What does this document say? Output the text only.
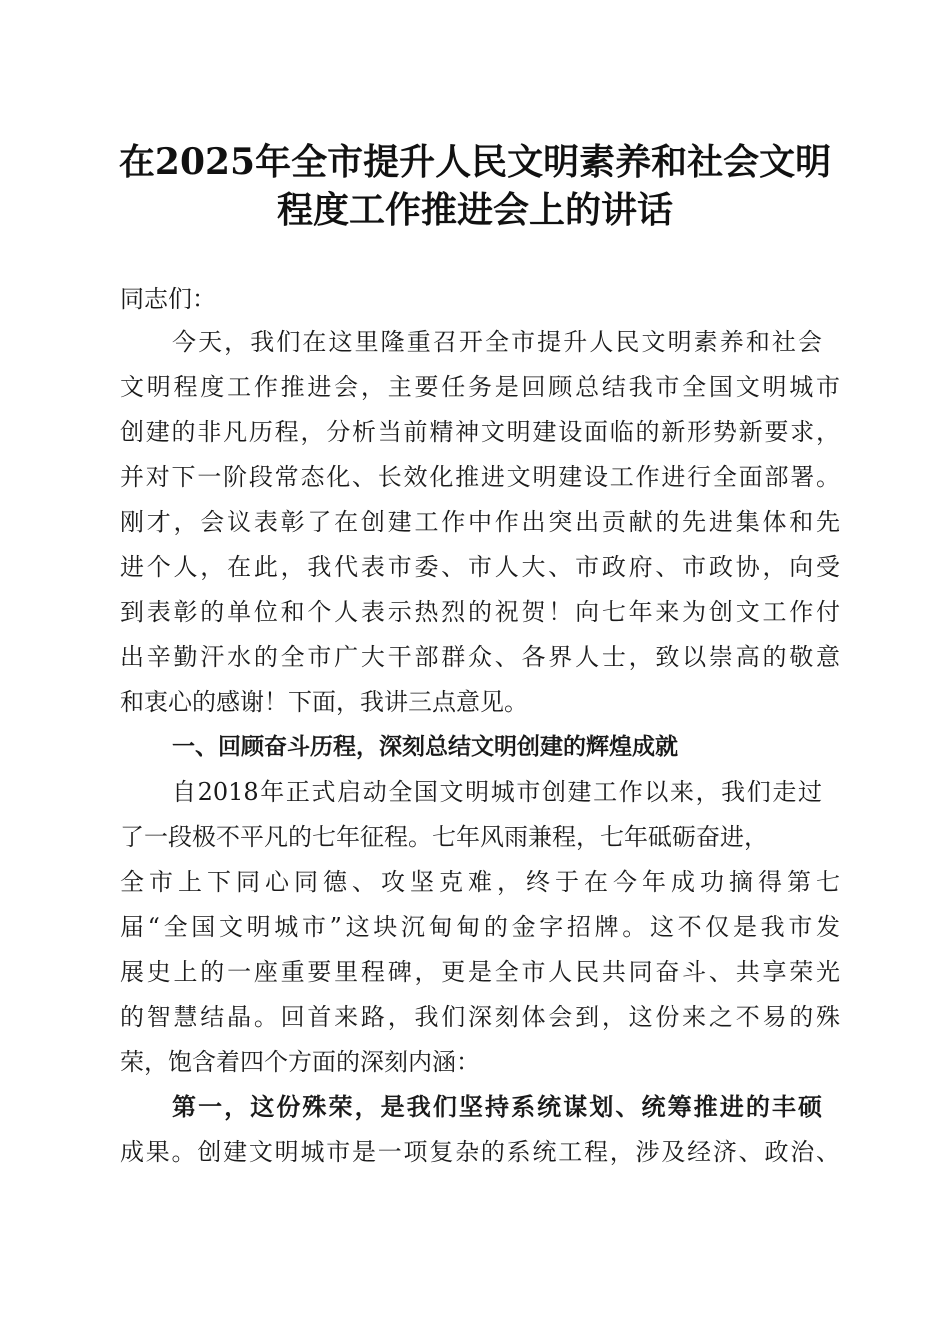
在2025年全市提升人民文明素养和社会文明
程度工作推进会上的讲话
同志们：
今天，我们在这里隆重召开全市提升人民文明素养和社会
文明程度工作推进会，主要任务是回顾总结我市全国文明城市
创建的非凡历程，分析当前精神文明建设面临的新形势新要求，
并对下一阶段常态化、长效化推进文明建设工作进行全面部署。
刚才，会议表彰了在创建工作中作出突出贡献的先进集体和先
进个人，在此，我代表市委、市人大、市政府、市政协，向受
到表彰的单位和个人表示热烈的祝贺！向七年来为创文工作付
出辛勤汗水的全市广大干部群众、各界人士，致以崇高的敬意
和衷心的感谢！下面，我讲三点意见。
一、回顾奋斗历程，深刻总结文明创建的辉煌成就
自2018年正式启动全国文明城市创建工作以来，我们走过
了一段极不平凡的七年征程。七年风雨兼程，七年砥砺奋进，
全市上下同心同德、攻坚克难，终于在今年成功摘得第七
届“全国文明城市”这块沉甸甸的金字招牌。这不仅是我市发
展史上的一座重要里程碑，更是全市人民共同奋斗、共享荣光
的智慧结晶。回首来路，我们深刻体会到，这份来之不易的殊
荣，饱含着四个方面的深刻内涵：
第一，这份殊荣，是我们坚持系统谋划、统筹推进的丰硕
成果。创建文明城市是一项复杂的系统工程，涉及经济、政治、
